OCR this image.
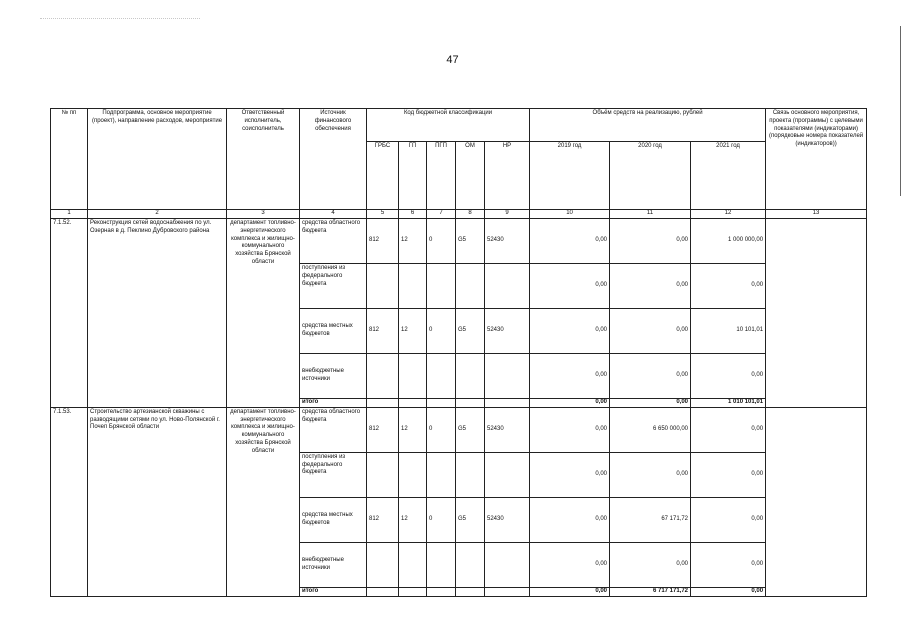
47
№ пп	Подпрограмма, основное мероприятие (проект), направление расходов, мероприятие	Ответственный исполнитель, соисполнитель	Источник финансового обеспечения	Код бюджетной классификации					Объём средств на реализацию, рублей			Связь основного мероприятия, проекта (программы) с целевыми показателями (индикаторами) (порядковые номера показателей (индикаторов))
				ГРБС	ГП	ПГП	ОМ	НР	2019 год	2020 год	2021 год	
1	2	3	4	5	6	7	8	9	10	11	12	13
7.1.52.	Реконструкция сетей водоснабжения по ул. Озерная в д. Пеклино Дубровского района	департамент топливно-энергетического комплекса и жилищно-коммунального хозяйства Брянской области	средства областного бюджета	812	12	0	G5	52430	0,00	0,00	1 000 000,00	
			поступления из федерального бюджета						0,00	0,00	0,00	
			средства местных бюджетов	812	12	0	G5	52430	0,00	0,00	10 101,01	
			внебюджетные источники						0,00	0,00	0,00	
			итого						0,00	0,00	1 010 101,01	
7.1.53.	Строительство артезианской скважины с разводящими сетями по ул. Ново-Полянской г. Почеп Брянской области	департамент топливно-энергетического комплекса и жилищно-коммунального хозяйства Брянской области	средства областного бюджета	812	12	0	G5	52430	0,00	6 650 000,00	0,00	
			поступления из федерального бюджета						0,00	0,00	0,00	
			средства местных бюджетов	812	12	0	G5	52430	0,00	67 171,72	0,00	
			внебюджетные источники						0,00	0,00	0,00	
			итого						0,00	6 717 171,72	0,00	
